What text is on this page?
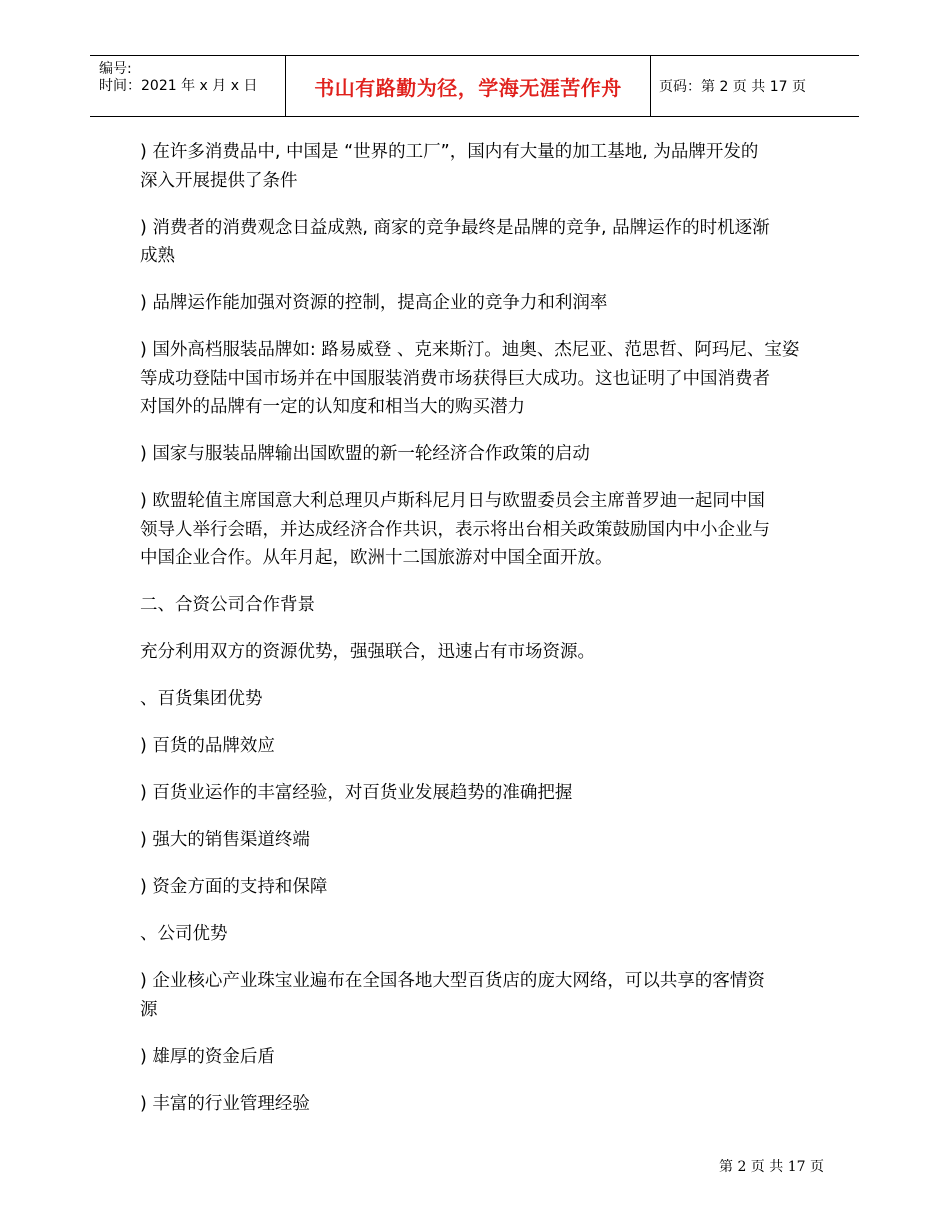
编号:
时间：2021 年 x 月 x 日	书山有路勤为径，学海无涯苦作舟	页码：第 2 页 共 17 页

) 在许多消费品中, 中国是 “世界的工厂”，国内有大量的加工基地, 为品牌开发的
深入开展提供了条件

) 消费者的消费观念日益成熟, 商家的竞争最终是品牌的竞争, 品牌运作的时机逐渐
成熟

) 品牌运作能加强对资源的控制，提高企业的竞争力和利润率

) 国外高档服装品牌如: 路易威登 、克来斯汀。迪奥、杰尼亚、范思哲、阿玛尼、宝姿
等成功登陆中国市场并在中国服装消费市场获得巨大成功。这也证明了中国消费者
对国外的品牌有一定的认知度和相当大的购买潜力

) 国家与服装品牌输出国欧盟的新一轮经济合作政策的启动

) 欧盟轮值主席国意大利总理贝卢斯科尼月日与欧盟委员会主席普罗迪一起同中国
领导人举行会晤，并达成经济合作共识，表示将出台相关政策鼓励国内中小企业与
中国企业合作。从年月起，欧洲十二国旅游对中国全面开放。

二、合资公司合作背景

充分利用双方的资源优势，强强联合，迅速占有市场资源。

、百货集团优势

) 百货的品牌效应

) 百货业运作的丰富经验，对百货业发展趋势的准确把握

) 强大的销售渠道终端

) 资金方面的支持和保障

、公司优势

) 企业核心产业珠宝业遍布在全国各地大型百货店的庞大网络，可以共享的客情资
源

) 雄厚的资金后盾

) 丰富的行业管理经验

第 2 页 共 17 页
